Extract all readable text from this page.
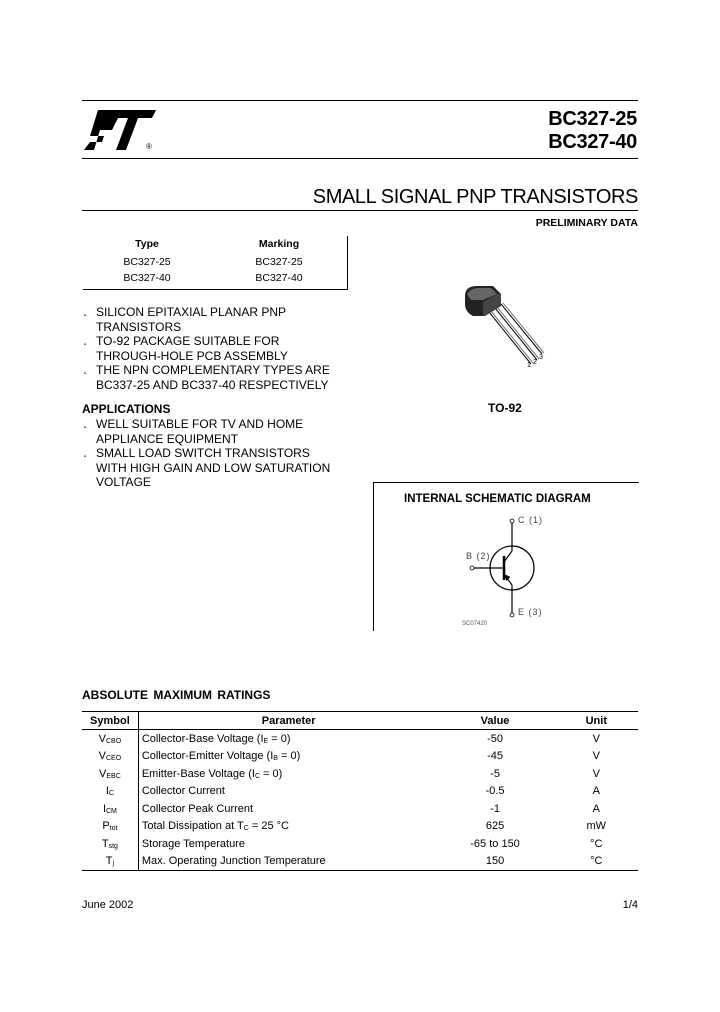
®
BC327-25
BC327-40
SMALL SIGNAL PNP TRANSISTORS
PRELIMINARY DATA
Type	Marking
BC327-25	BC327-25
BC327-40	BC327-40
˛ SILICON EPITAXIAL PLANAR PNP
TRANSISTORS
˛ TO-92 PACKAGE SUITABLE FOR
THROUGH-HOLE PCB ASSEMBLY
˛ THE NPN COMPLEMENTARY TYPES ARE
BC337-25 AND BC337-40 RESPECTIVELY
APPLICATIONS
˛ WELL SUITABLE FOR TV AND HOME
APPLIANCE EQUIPMENT
˛ SMALL LOAD SWITCH TRANSISTORS
WITH HIGH GAIN AND LOW SATURATION
VOLTAGE
1 2
3
TO-92
INTERNAL SCHEMATIC DIAGRAM
C (1)
B (2)
E (3)
SC07420
ABSOLUTE MAXIMUM RATINGS
Symbol	Parameter	Value	Unit
$V_{CBO}$	Collector-Base Voltage $(I_E = 0)$	-50	V
$V_{CEO}$	Collector-Emitter Voltage $(I_B = 0)$	-45	V
$V_{EBC}$	Emitter-Base Voltage $(I_C = 0)$	-5	V
$I_C$	Collector Current	-0.5	A
$I_{CM}$	Collector Peak Current	-1	A
$P_{tot}$	Total Dissipation at $T_C = 25$ °C	625	mW
$T_{stg}$	Storage Temperature	-65 to 150	°C
$T_j$	Max. Operating Junction Temperature	150	°C
June 2002	1/4
